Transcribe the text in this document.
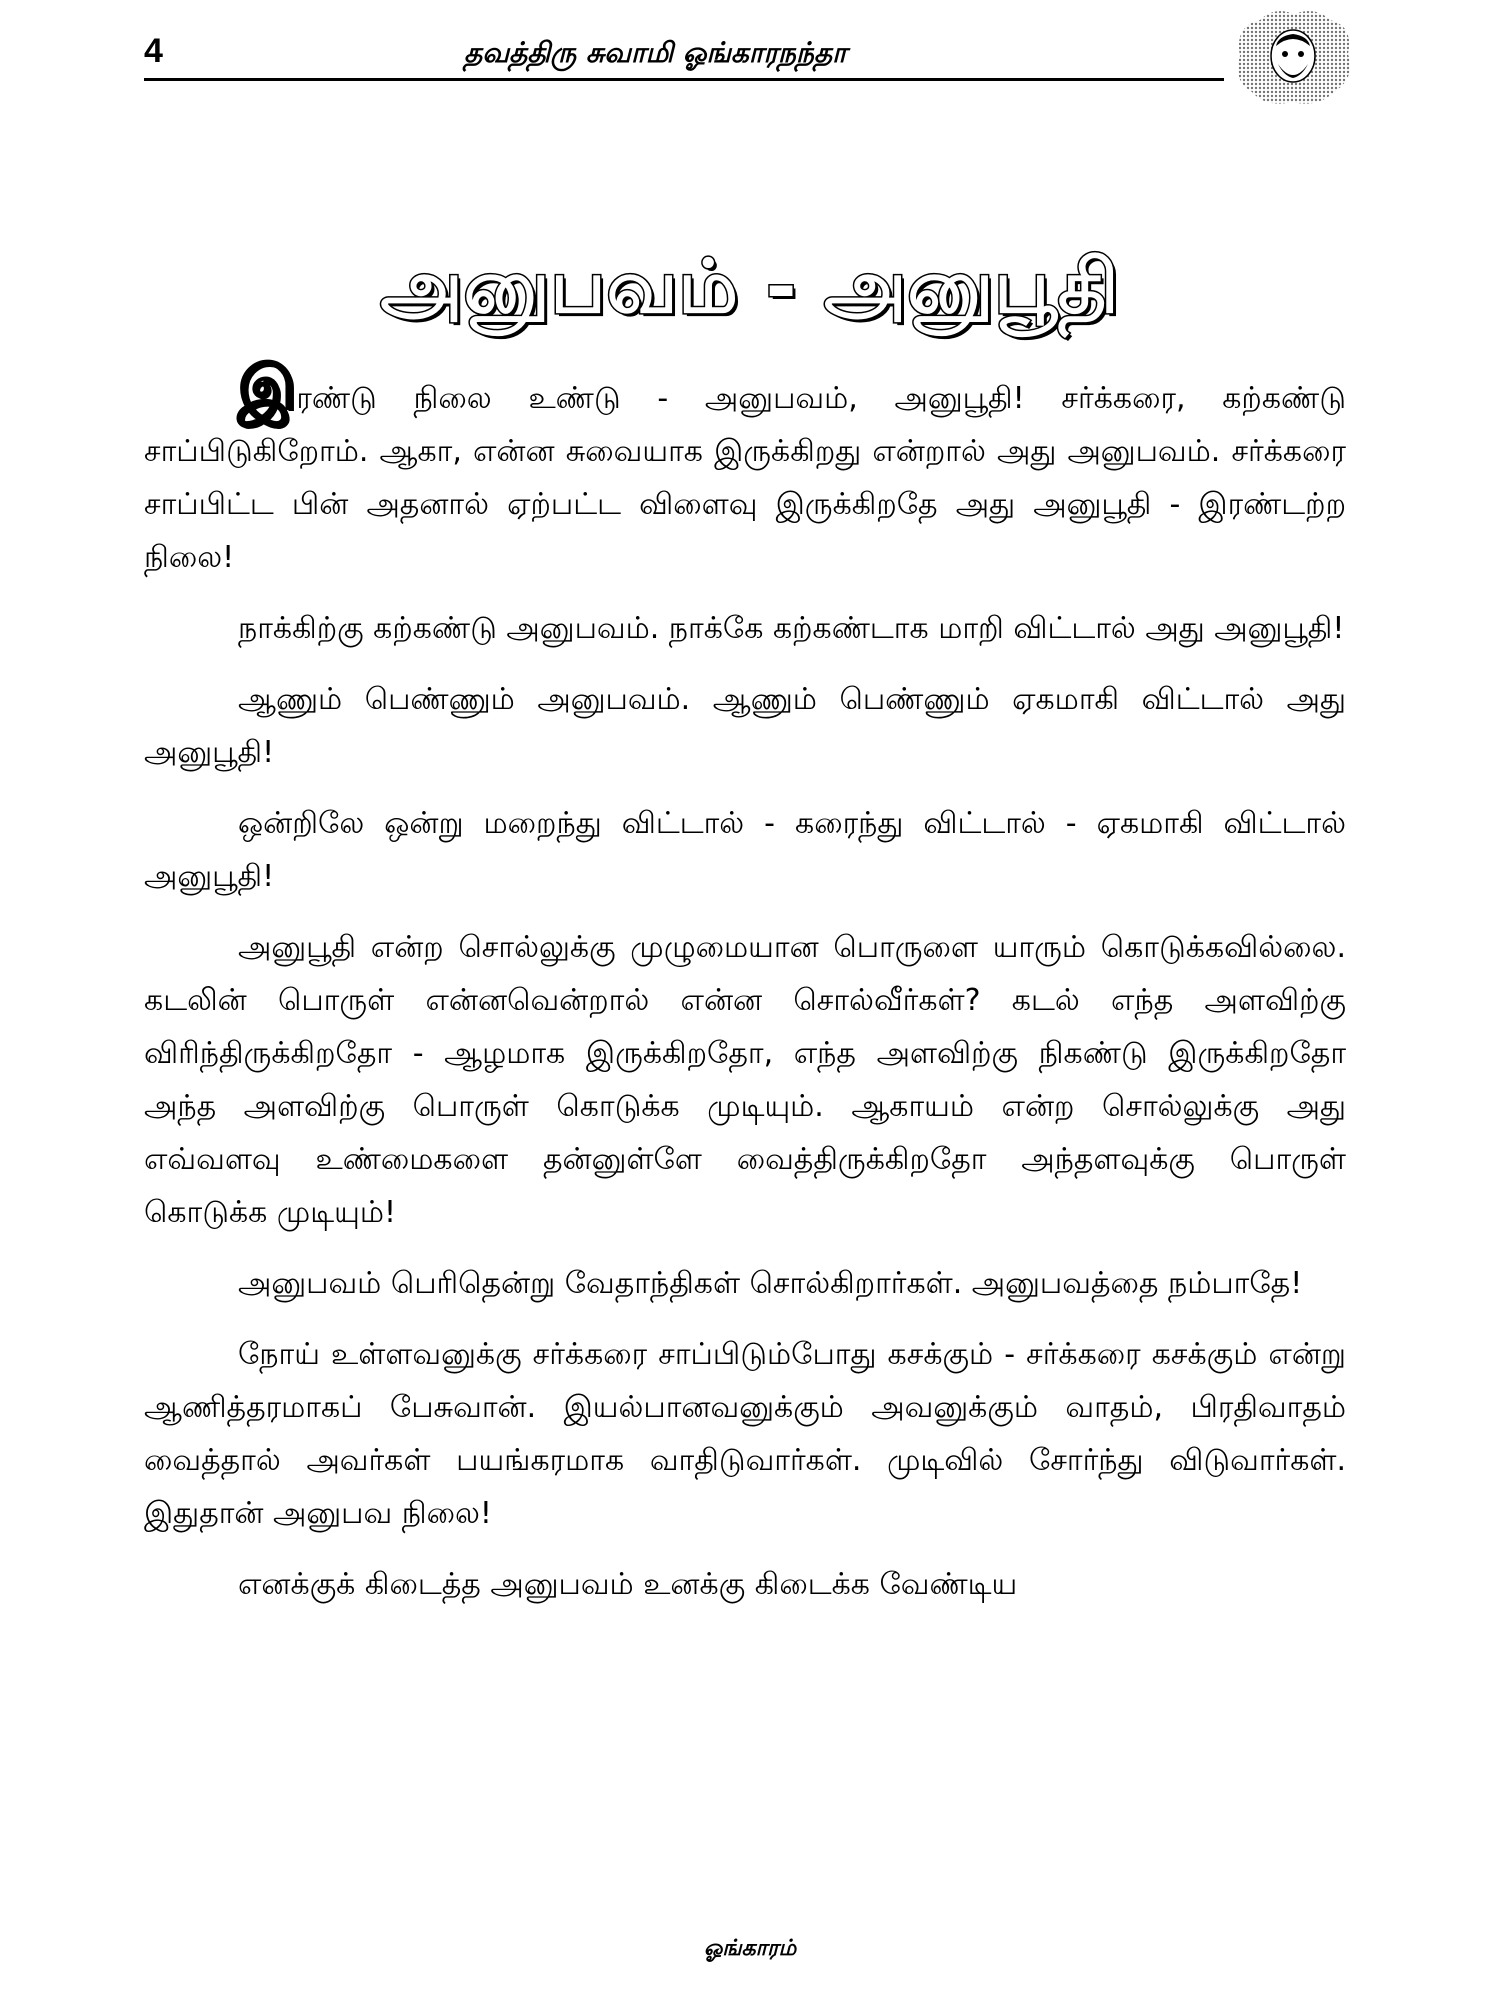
4	தவத்திரு சுவாமி ஓங்காரநந்தா
அனுபவம் - அனுபூதி

இரண்டு நிலை உண்டு - அனுபவம், அனுபூதி! சர்க்கரை, கற்கண்டு சாப்பிடுகிறோம். ஆகா, என்ன சுவையாக இருக்கிறது என்றால் அது அனுபவம். சர்க்கரை சாப்பிட்ட பின் அதனால் ஏற்பட்ட விளைவு இருக்கிறதே அது அனுபூதி - இரண்டற்ற நிலை!

நாக்கிற்கு கற்கண்டு அனுபவம். நாக்கே கற்கண்டாக மாறி விட்டால் அது அனுபூதி!

ஆணும் பெண்ணும் அனுபவம். ஆணும் பெண்ணும் ஏகமாகி விட்டால் அது அனுபூதி!

ஒன்றிலே ஒன்று மறைந்து விட்டால் - கரைந்து விட்டால் - ஏகமாகி விட்டால் அனுபூதி!

அனுபூதி என்ற சொல்லுக்கு முழுமையான பொருளை யாரும் கொடுக்கவில்லை. கடலின் பொருள் என்னவென்றால் என்ன சொல்வீர்கள்? கடல் எந்த அளவிற்கு விரிந்திருக்கிறதோ - ஆழமாக இருக்கிறதோ, எந்த அளவிற்கு நிகண்டு இருக்கிறதோ அந்த அளவிற்கு பொருள் கொடுக்க முடியும். ஆகாயம் என்ற சொல்லுக்கு அது எவ்வளவு உண்மைகளை தன்னுள்ளே வைத்திருக்கிறதோ அந்தளவுக்கு பொருள் கொடுக்க முடியும்!

அனுபவம் பெரிதென்று வேதாந்திகள் சொல்கிறார்கள். அனுபவத்தை நம்பாதே!

நோய் உள்ளவனுக்கு சர்க்கரை சாப்பிடும்போது கசக்கும் - சர்க்கரை கசக்கும் என்று ஆணித்தரமாகப் பேசுவான். இயல்பானவனுக்கும் அவனுக்கும் வாதம், பிரதிவாதம் வைத்தால் அவர்கள் பயங்கரமாக வாதிடுவார்கள். முடிவில் சோர்ந்து விடுவார்கள். இதுதான் அனுபவ நிலை!

எனக்குக் கிடைத்த அனுபவம் உனக்கு கிடைக்க வேண்டிய

ஓங்காரம்
